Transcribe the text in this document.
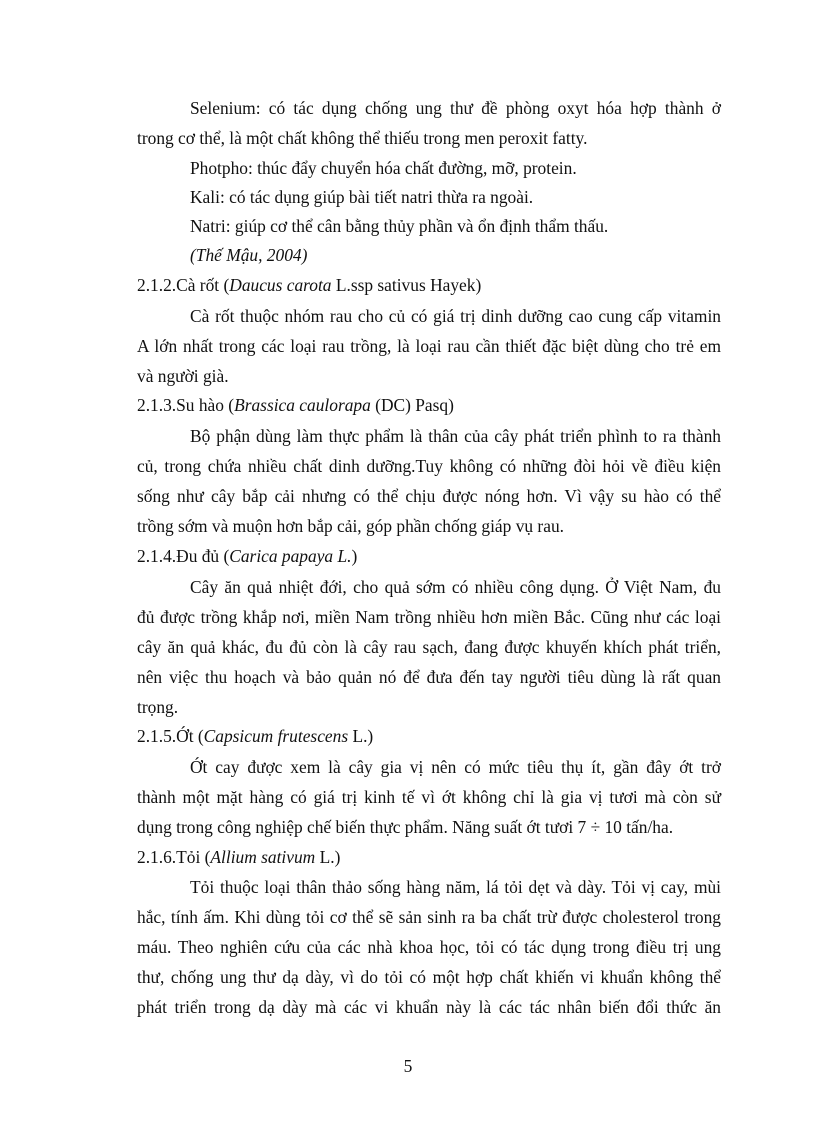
Selenium: có tác dụng chống ung thư đề phòng oxyt hóa hợp thành ở
trong cơ thể, là một chất không thể thiếu trong men peroxit fatty.
Photpho: thúc đẩy chuyển hóa chất đường, mỡ, protein.
Kali: có tác dụng giúp bài tiết natri thừa ra ngoài.
Natri: giúp cơ thể cân bằng thủy phần và ổn định thẩm thấu.
(Thế Mậu, 2004)
2.1.2.Cà rốt (Daucus carota L.ssp sativus Hayek)
Cà rốt thuộc nhóm rau cho củ có giá trị dinh dưỡng cao cung cấp vitamin
A lớn nhất trong các loại rau trồng, là loại rau cần thiết đặc biệt dùng cho trẻ em
và người già.
2.1.3.Su hào (Brassica caulorapa (DC) Pasq)
Bộ phận dùng làm thực phẩm là thân của cây phát triển phình to ra thành
củ, trong chứa nhiều chất dinh dưỡng.Tuy không có những đòi hỏi về điều kiện
sống như cây bắp cải nhưng có thể chịu được nóng hơn. Vì vậy su hào có thể
trồng sớm và muộn hơn bắp cải, góp phần chống giáp vụ rau.
2.1.4.Đu đủ (Carica papaya L.)
Cây ăn quả nhiệt đới, cho quả sớm có nhiều công dụng. Ở Việt Nam, đu
đủ được trồng khắp nơi, miền Nam trồng nhiều hơn miền Bắc. Cũng như các loại
cây ăn quả khác, đu đủ còn là cây rau sạch, đang được khuyến khích phát triển,
nên việc thu hoạch và bảo quản nó để đưa đến tay người tiêu dùng là rất quan
trọng.
2.1.5.Ớt (Capsicum frutescens L.)
Ớt cay được xem là cây gia vị nên có mức tiêu thụ ít, gần đây ớt trở
thành một mặt hàng có giá trị kinh tế vì ớt không chỉ là gia vị tươi mà còn sử
dụng trong công nghiệp chế biến thực phẩm. Năng suất ớt tươi 7 ÷ 10 tấn/ha.
2.1.6.Tỏi (Allium sativum L.)
Tỏi thuộc loại thân thảo sống hàng năm, lá tỏi dẹt và dày. Tỏi vị cay, mùi
hắc, tính ấm. Khi dùng tỏi cơ thể sẽ sản sinh ra ba chất trừ được cholesterol trong
máu. Theo nghiên cứu của các nhà khoa học, tỏi có tác dụng trong điều trị ung
thư, chống ung thư dạ dày, vì do tỏi có một hợp chất khiến vi khuẩn không thể
phát triển trong dạ dày mà các vi khuẩn này là các tác nhân biến đổi thức ăn
5
